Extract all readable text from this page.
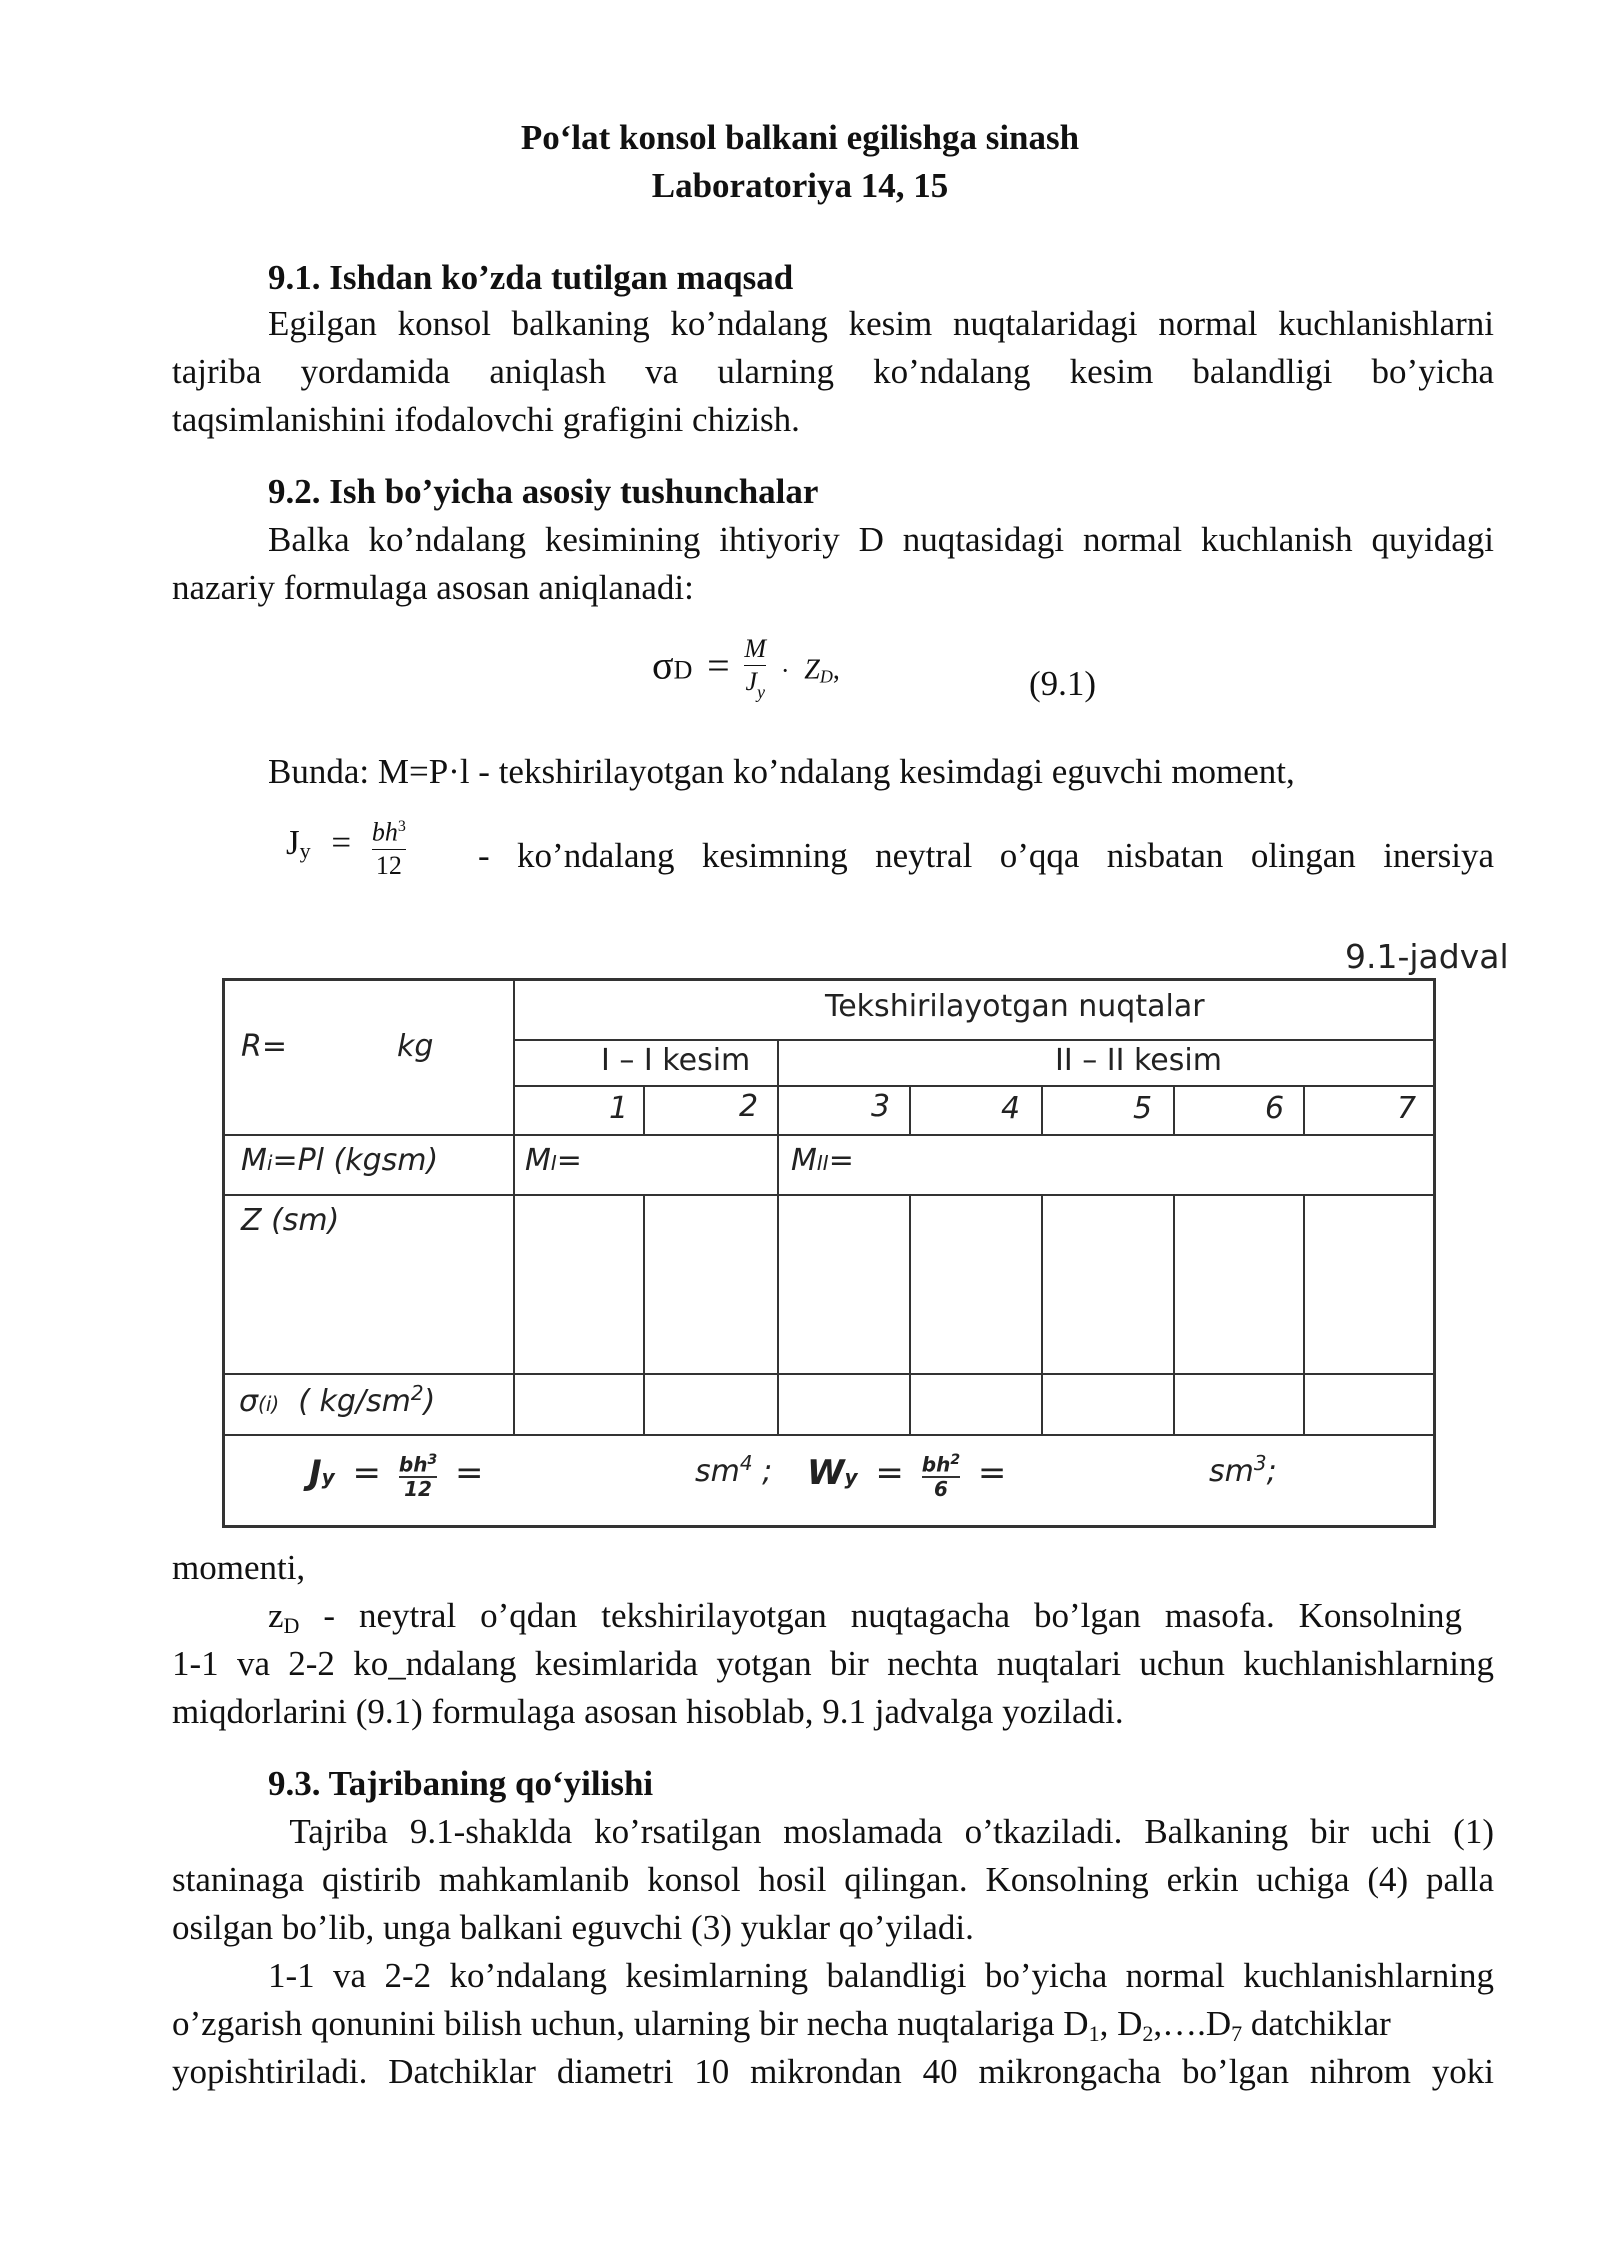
Po‘lat konsol balkani egilishga sinash
Laboratoriya 14, 15
9.1. Ishdan ko’zda tutilgan maqsad
Egilgan konsol balkaning ko’ndalang kesim nuqtalaridagi normal kuchlanishlarni
tajriba yordamida aniqlash va ularning ko’ndalang kesim balandligi bo’yicha
taqsimlanishini ifodalovchi grafigini chizish.
9.2. Ish bo’yicha asosiy tushunchalar
Balka ko’ndalang kesimining ihtiyoriy D nuqtasidagi normal kuchlanish quyidagi
nazariy formulaga asosan aniqlanadi:
$\sigma D = \frac{M}{J_y}$ · ZD,	(9.1)
Bunda: M=P·l - tekshirilayotgan ko’ndalang kesimdagi eguvchi moment,
$Jy = \frac{bh^3}{12}$ - ko’ndalang kesimning neytral o’qqa nisbatan olingan inersiya
9.1-jadval
R=	kg
Tekshirilayotgan nuqtalar
I – I kesim	II – II kesim
1	2	3	4	5	6	7
Mi=Pl (kgsm)	MI=	MII=
Z (sm)
σ(i) ( $kg/sm^2$)
$Jy = \frac{bh^3}{12}$ =	$sm^4$ ; $Wy = \frac{bh^2}{6}$ =	$sm^3$;
momenti,
$z_D$ - neytral o’qdan tekshirilayotgan nuqtagacha bo’lgan masofa. Konsolning
1-1 va 2-2 ko_ndalang kesimlarida yotgan bir nechta nuqtalari uchun kuchlanishlarning
miqdorlarini (9.1) formulaga asosan hisoblab, 9.1 jadvalga yoziladi.
9.3. Tajribaning qo‘yilishi
Tajriba 9.1-shaklda ko’rsatilgan moslamada o’tkaziladi. Balkaning bir uchi (1)
staninaga qistirib mahkamlanib konsol hosil qilingan. Konsolning erkin uchiga (4) palla
osilgan bo’lib, unga balkani eguvchi (3) yuklar qo’yiladi.
1-1 va 2-2 ko’ndalang kesimlarning balandligi bo’yicha normal kuchlanishlarning
o’zgarish qonunini bilish uchun, ularning bir necha nuqtalariga $D_1$, $D_2,\dots.D_7$ datchiklar
yopishtiriladi. Datchiklar diametri 10 mikrondan 40 mikrongacha bo’lgan nihrom yoki
